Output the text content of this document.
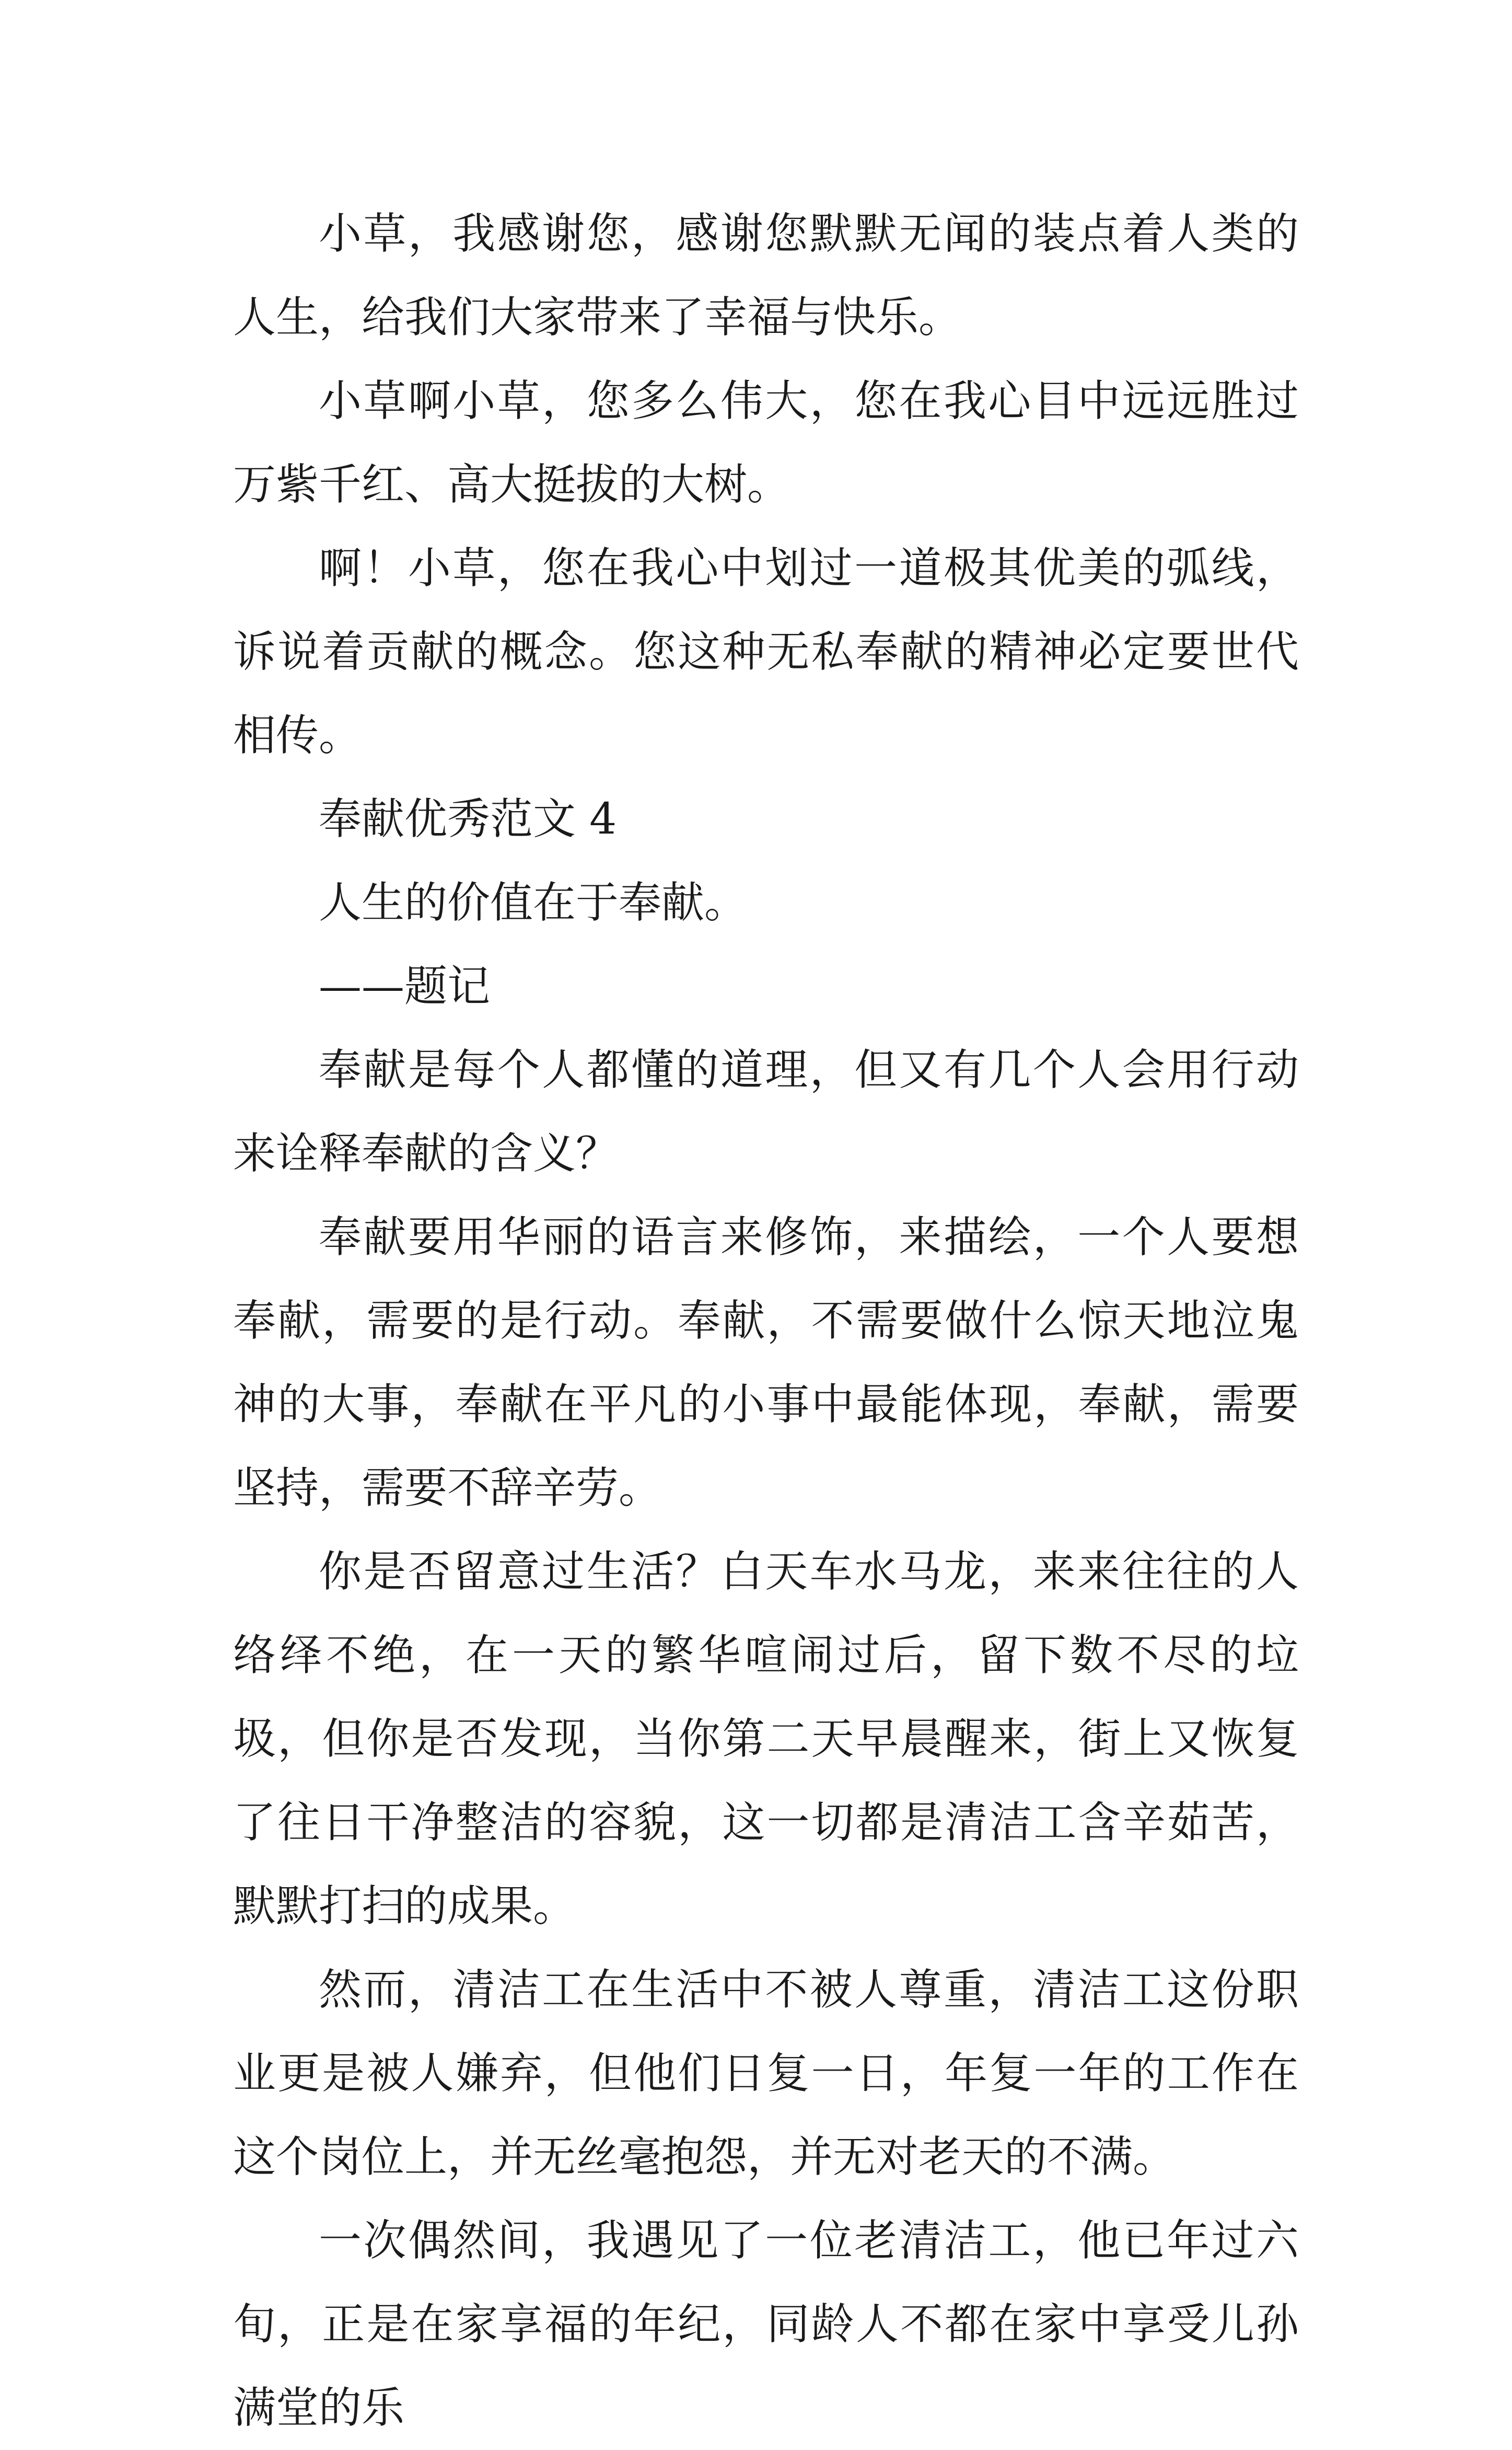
小草，我感谢您，感谢您默默无闻的装点着人类的人生，给我们大家带来了幸福与快乐。

小草啊小草，您多么伟大，您在我心目中远远胜过万紫千红、高大挺拔的大树。

啊！小草，您在我心中划过一道极其优美的弧线，诉说着贡献的概念。您这种无私奉献的精神必定要世代相传。

奉献优秀范文 4

人生的价值在于奉献。

——题记

奉献是每个人都懂的道理，但又有几个人会用行动来诠释奉献的含义？

奉献要用华丽的语言来修饰，来描绘，一个人要想奉献，需要的是行动。奉献，不需要做什么惊天地泣鬼神的大事，奉献在平凡的小事中最能体现，奉献，需要坚持，需要不辞辛劳。

你是否留意过生活？白天车水马龙，来来往往的人络绎不绝，在一天的繁华喧闹过后，留下数不尽的垃圾，但你是否发现，当你第二天早晨醒来，街上又恢复了往日干净整洁的容貌，这一切都是清洁工含辛茹苦，默默打扫的成果。

然而，清洁工在生活中不被人尊重，清洁工这份职业更是被人嫌弃，但他们日复一日，年复一年的工作在这个岗位上，并无丝毫抱怨，并无对老天的不满。

一次偶然间，我遇见了一位老清洁工，他已年过六旬，正是在家享福的年纪，同龄人不都在家中享受儿孙满堂的乐
